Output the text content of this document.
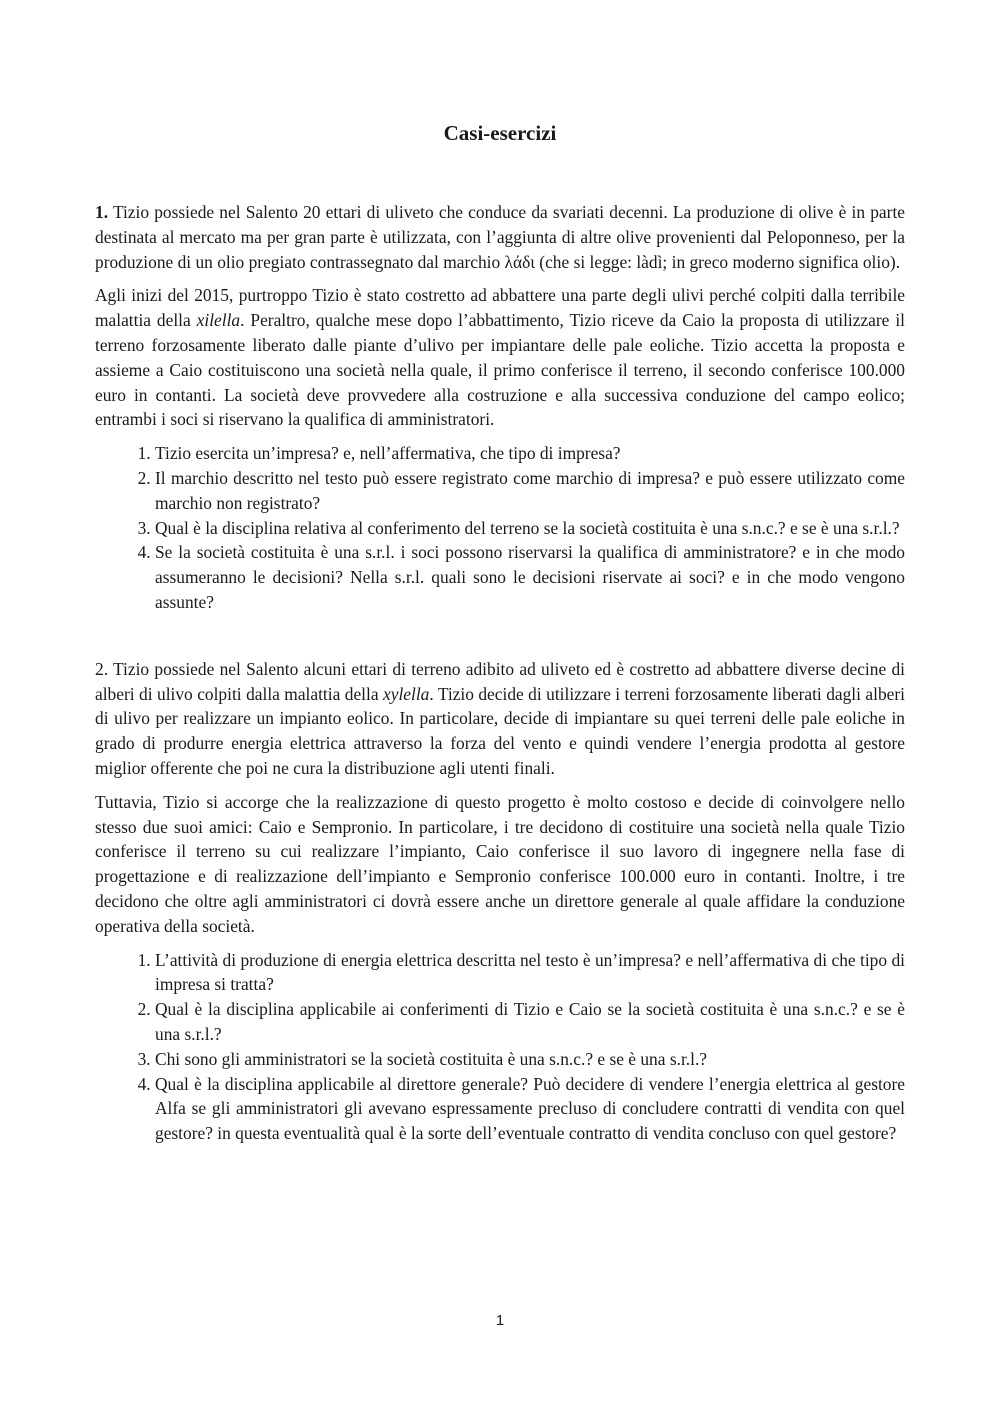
Casi-esercizi

1. Tizio possiede nel Salento 20 ettari di uliveto che conduce da svariati decenni. La produzione di olive è in parte destinata al mercato ma per gran parte è utilizzata, con l’aggiunta di altre olive provenienti dal Peloponneso, per la produzione di un olio pregiato contrassegnato dal marchio λάδι (che si legge: làdì; in greco moderno significa olio).

Agli inizi del 2015, purtroppo Tizio è stato costretto ad abbattere una parte degli ulivi perché colpiti dalla terribile malattia della xilella. Peraltro, qualche mese dopo l’abbattimento, Tizio riceve da Caio la proposta di utilizzare il terreno forzosamente liberato dalle piante d’ulivo per impiantare delle pale eoliche. Tizio accetta la proposta e assieme a Caio costituiscono una società nella quale, il primo conferisce il terreno, il secondo conferisce 100.000 euro in contanti. La società deve provvedere alla costruzione e alla successiva conduzione del campo eolico; entrambi i soci si riservano la qualifica di amministratori.

1. Tizio esercita un’impresa? e, nell’affermativa, che tipo di impresa?
2. Il marchio descritto nel testo può essere registrato come marchio di impresa? e può essere utilizzato come marchio non registrato?
3. Qual è la disciplina relativa al conferimento del terreno se la società costituita è una s.n.c.? e se è una s.r.l.?
4. Se la società costituita è una s.r.l. i soci possono riservarsi la qualifica di amministratore? e in che modo assumeranno le decisioni? Nella s.r.l. quali sono le decisioni riservate ai soci? e in che modo vengono assunte?

2. Tizio possiede nel Salento alcuni ettari di terreno adibito ad uliveto ed è costretto ad abbattere diverse decine di alberi di ulivo colpiti dalla malattia della xylella. Tizio decide di utilizzare i terreni forzosamente liberati dagli alberi di ulivo per realizzare un impianto eolico. In particolare, decide di impiantare su quei terreni delle pale eoliche in grado di produrre energia elettrica attraverso la forza del vento e quindi vendere l’energia prodotta al gestore miglior offerente che poi ne cura la distribuzione agli utenti finali.

Tuttavia, Tizio si accorge che la realizzazione di questo progetto è molto costoso e decide di coinvolgere nello stesso due suoi amici: Caio e Sempronio. In particolare, i tre decidono di costituire una società nella quale Tizio conferisce il terreno su cui realizzare l’impianto, Caio conferisce il suo lavoro di ingegnere nella fase di progettazione e di realizzazione dell’impianto e Sempronio conferisce 100.000 euro in contanti. Inoltre, i tre decidono che oltre agli amministratori ci dovrà essere anche un direttore generale al quale affidare la conduzione operativa della società.

1. L’attività di produzione di energia elettrica descritta nel testo è un’impresa? e nell’affermativa di che tipo di impresa si tratta?
2. Qual è la disciplina applicabile ai conferimenti di Tizio e Caio se la società costituita è una s.n.c.? e se è una s.r.l.?
3. Chi sono gli amministratori se la società costituita è una s.n.c.? e se è una s.r.l.?
4. Qual è la disciplina applicabile al direttore generale? Può decidere di vendere l’energia elettrica al gestore Alfa se gli amministratori gli avevano espressamente precluso di concludere contratti di vendita con quel gestore? in questa eventualità qual è la sorte dell’eventuale contratto di vendita concluso con quel gestore?
1
